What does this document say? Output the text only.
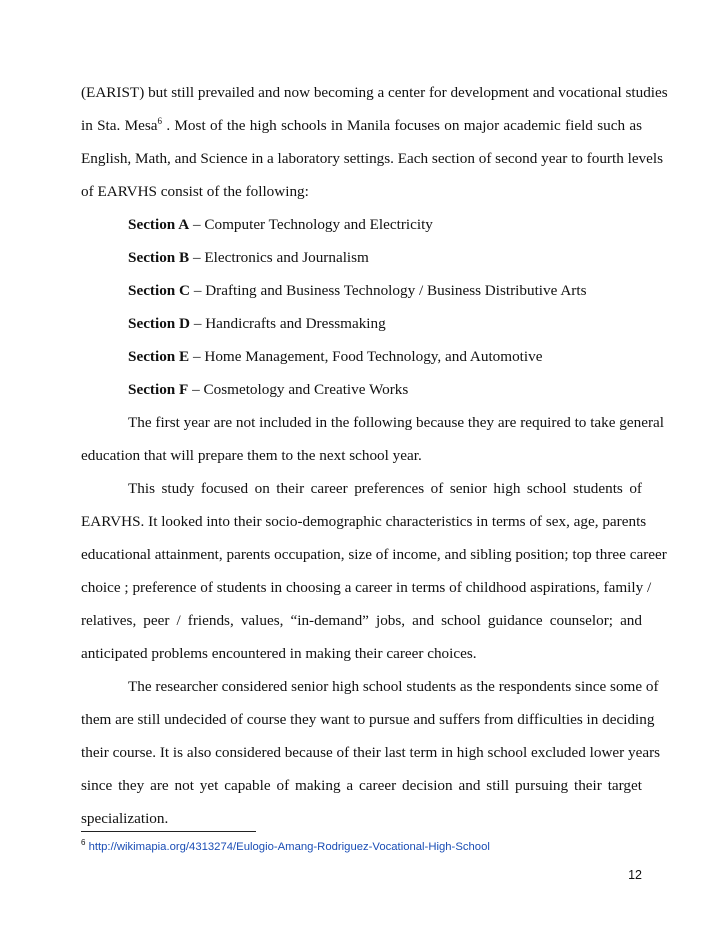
(EARIST) but still prevailed and now becoming a center for development and vocational studies
in Sta. Mesa$^6$ . Most of the high schools in Manila focuses on major academic field such as
English, Math, and Science in a laboratory settings. Each section of second year to fourth levels
of EARVHS consist of the following:
Section A – Computer Technology and Electricity
Section B – Electronics and Journalism
Section C – Drafting and Business Technology / Business Distributive Arts
Section D – Handicrafts and Dressmaking
Section E – Home Management, Food Technology, and Automotive
Section F – Cosmetology and Creative Works
The first year are not included in the following because they are required to take general
education that will prepare them to the next school year.
This study focused on their career preferences of senior high school students of
EARVHS. It looked into their socio-demographic characteristics in terms of sex, age, parents
educational attainment, parents occupation, size of income, and sibling position; top three career
choice ; preference of students in choosing a career in terms of childhood aspirations, family /
relatives, peer / friends, values, “in-demand” jobs, and school guidance counselor; and
anticipated problems encountered in making their career choices.
The researcher considered senior high school students as the respondents since some of
them are still undecided of course they want to pursue and suffers from difficulties in deciding
their course. It is also considered because of their last term in high school excluded lower years
since they are not yet capable of making a career decision and still pursuing their target
specialization.
$^6$ http://wikimapia.org/4313274/Eulogio-Amang-Rodriguez-Vocational-High-School
12
